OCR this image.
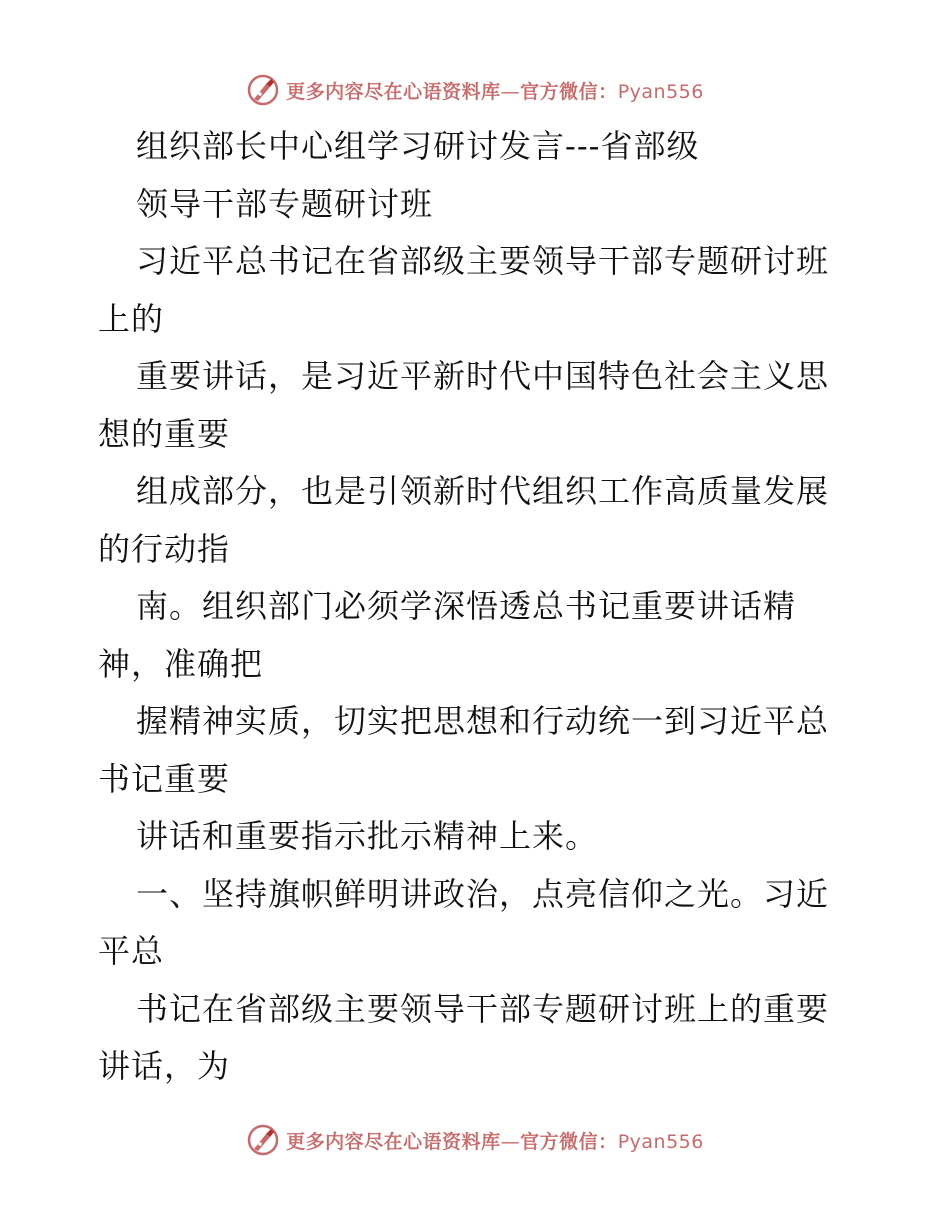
更多内容尽在心语资料库—官方微信：Pyan556
组织部长中心组学习研讨发言---省部级
领导干部专题研讨班
习近平总书记在省部级主要领导干部专题研讨班
上的
重要讲话，是习近平新时代中国特色社会主义思
想的重要
组成部分，也是引领新时代组织工作高质量发展
的行动指
南。组织部门必须学深悟透总书记重要讲话精
神，准确把
握精神实质，切实把思想和行动统一到习近平总
书记重要
讲话和重要指示批示精神上来。
一、坚持旗帜鲜明讲政治，点亮信仰之光。习近
平总
书记在省部级主要领导干部专题研讨班上的重要
讲话，为
更多内容尽在心语资料库—官方微信：Pyan556
